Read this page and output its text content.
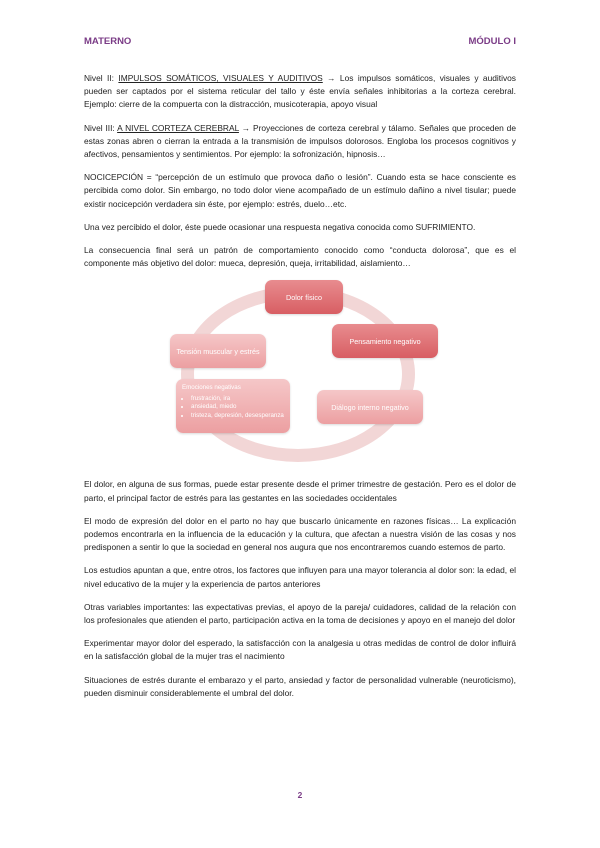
MATERNO	MÓDULO I

Nivel II: IMPULSOS SOMÁTICOS, VISUALES Y AUDITIVOS → Los impulsos somáticos, visuales y auditivos pueden ser captados por el sistema reticular del tallo y éste envía señales inhibitorias a la corteza cerebral. Ejemplo: cierre de la compuerta con la distracción, musicoterapia, apoyo visual

Nivel III: A NIVEL CORTEZA CEREBRAL → Proyecciones de corteza cerebral y tálamo. Señales que proceden de estas zonas abren o cierran la entrada a la transmisión de impulsos dolorosos. Engloba los procesos cognitivos y afectivos, pensamientos y sentimientos. Por ejemplo: la sofronización, hipnosis…

NOCICEPCIÓN = “percepción de un estímulo que provoca daño o lesión”. Cuando esta se hace consciente es percibida como dolor. Sin embargo, no todo dolor viene acompañado de un estímulo dañino a nivel tisular; puede existir nocicepción verdadera sin éste, por ejemplo: estrés, duelo…etc.

Una vez percibido el dolor, éste puede ocasionar una respuesta negativa conocida como SUFRIMIENTO.

La consecuencia final será un patrón de comportamiento conocido como “conducta dolorosa”, que es el componente más objetivo del dolor: mueca, depresión, queja, irritabilidad, aislamiento…

Dolor físico
Pensamiento negativo
Diálogo interno negativo
Tensión muscular y estrés
Emociones negativas
• frustración, ira
• ansiedad, miedo
• tristeza, depresión, desesperanza

El dolor, en alguna de sus formas, puede estar presente desde el primer trimestre de gestación. Pero es el dolor de parto, el principal factor de estrés para las gestantes en las sociedades occidentales

El modo de expresión del dolor en el parto no hay que buscarlo únicamente en razones físicas… La explicación podemos encontrarla en la influencia de la educación y la cultura, que afectan a nuestra visión de las cosas y nos predisponen a sentir lo que la sociedad en general nos augura que nos encontraremos cuando estemos de parto.

Los estudios apuntan a que, entre otros, los factores que influyen para una mayor tolerancia al dolor son: la edad, el nivel educativo de la mujer y la experiencia de partos anteriores

Otras variables importantes: las expectativas previas, el apoyo de la pareja/ cuidadores, calidad de la relación con los profesionales que atienden el parto, participación activa en la toma de decisiones y apoyo en el manejo del dolor

Experimentar mayor dolor del esperado, la satisfacción con la analgesia u otras medidas de control de dolor influirá en la satisfacción global de la mujer tras el nacimiento

Situaciones de estrés durante el embarazo y el parto, ansiedad y factor de personalidad vulnerable (neuroticismo), pueden disminuir considerablemente el umbral del dolor.

2
